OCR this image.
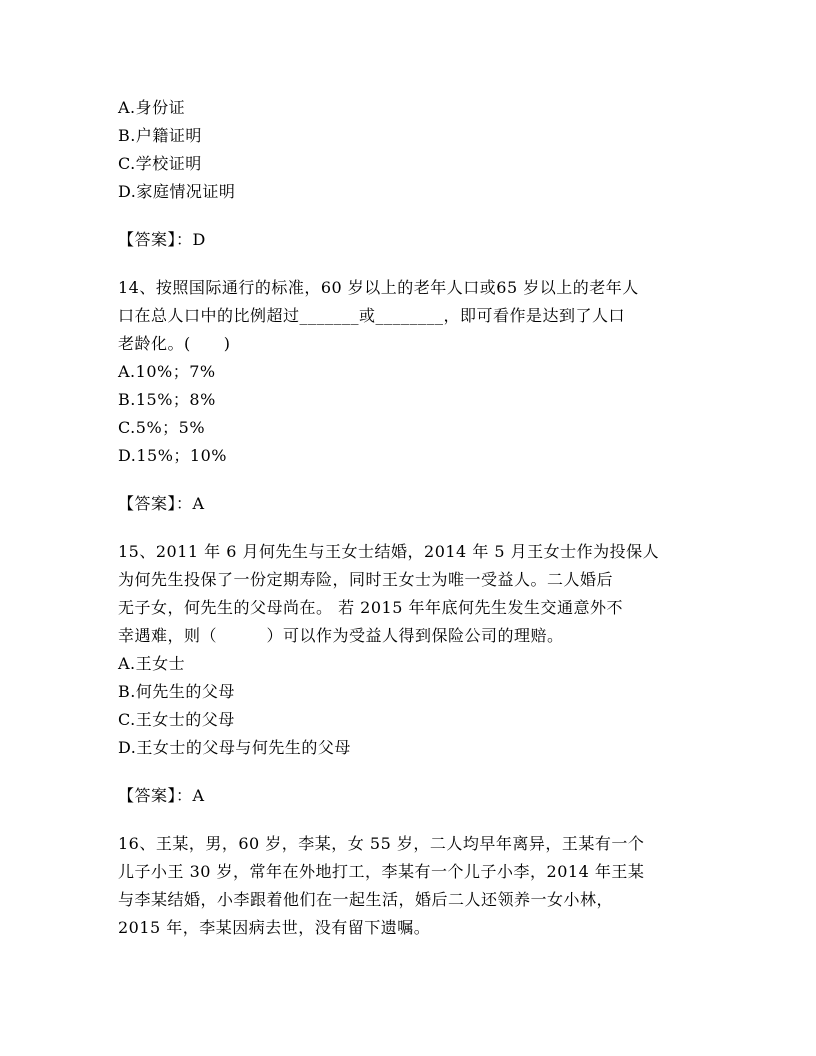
A.身份证
B.户籍证明
C.学校证明
D.家庭情况证明
【答案】：D
14、按照国际通行的标准，60 岁以上的老年人口或65 岁以上的老年人
口在总人口中的比例超过_______或________，即可看作是达到了人口
老龄化。(　　)
A.10%；7%
B.15%；8%
C.5%；5%
D.15%；10%
【答案】：A
15、2011 年 6 月何先生与王女士结婚，2014 年 5 月王女士作为投保人
为何先生投保了一份定期寿险，同时王女士为唯一受益人。二人婚后
无子女，何先生的父母尚在。 若 2015 年年底何先生发生交通意外不
幸遇难，则（　　　）可以作为受益人得到保险公司的理赔。
A.王女士
B.何先生的父母
C.王女士的父母
D.王女士的父母与何先生的父母
【答案】：A
16、王某，男，60 岁，李某，女 55 岁，二人均早年离异，王某有一个
儿子小王 30 岁，常年在外地打工，李某有一个儿子小李，2014 年王某
与李某结婚，小李跟着他们在一起生活，婚后二人还领养一女小林，
2015 年，李某因病去世，没有留下遗嘱。
